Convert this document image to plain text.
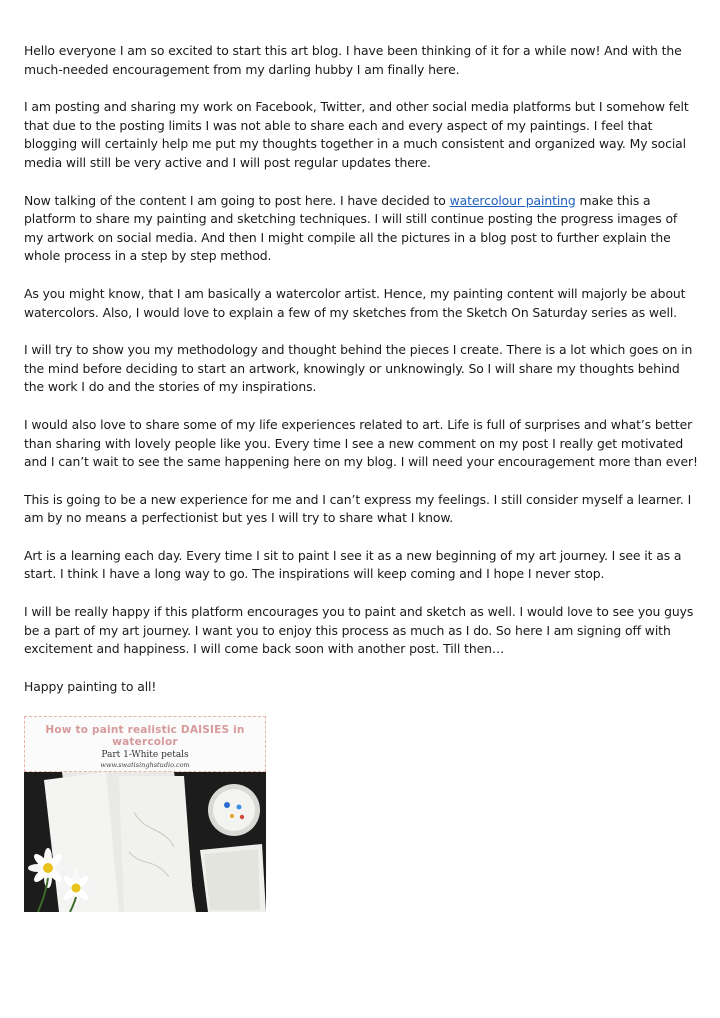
Hello everyone I am so excited to start this art blog. I have been thinking of it for a while now! And with the much-needed encouragement from my darling hubby I am finally here.

I am posting and sharing my work on Facebook, Twitter, and other social media platforms but I somehow felt that due to the posting limits I was not able to share each and every aspect of my paintings. I feel that blogging will certainly help me put my thoughts together in a much consistent and organized way. My social media will still be very active and I will post regular updates there.

Now talking of the content I am going to post here. I have decided to watercolour painting make this a platform to share my painting and sketching techniques. I will still continue posting the progress images of my artwork on social media. And then I might compile all the pictures in a blog post to further explain the whole process in a step by step method.

As you might know, that I am basically a watercolor artist. Hence, my painting content will majorly be about watercolors. Also, I would love to explain a few of my sketches from the Sketch On Saturday series as well.

I will try to show you my methodology and thought behind the pieces I create. There is a lot which goes on in the mind before deciding to start an artwork, knowingly or unknowingly. So I will share my thoughts behind the work I do and the stories of my inspirations.

I would also love to share some of my life experiences related to art. Life is full of surprises and what’s better than sharing with lovely people like you. Every time I see a new comment on my post I really get motivated and I can’t wait to see the same happening here on my blog. I will need your encouragement more than ever!

This is going to be a new experience for me and I can’t express my feelings. I still consider myself a learner. I am by no means a perfectionist but yes I will try to share what I know.

Art is a learning each day. Every time I sit to paint I see it as a new beginning of my art journey. I see it as a start. I think I have a long way to go. The inspirations will keep coming and I hope I never stop.

I will be really happy if this platform encourages you to paint and sketch as well. I would love to see you guys be a part of my art journey. I want you to enjoy this process as much as I do. So here I am signing off with excitement and happiness. I will come back soon with another post. Till then…

Happy painting to all!

How to paint realistic DAISIES in watercolor
Part 1-White petals
www.swatisinghstudio.com
